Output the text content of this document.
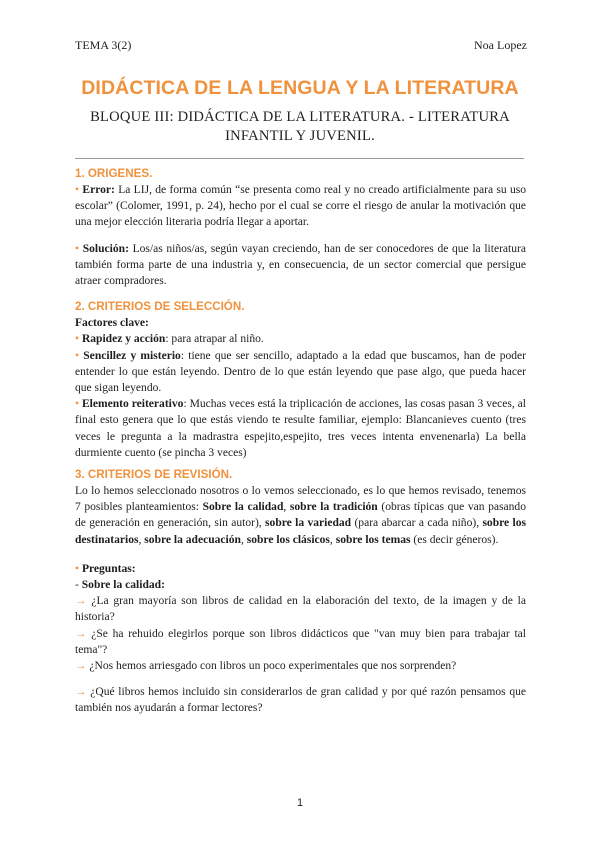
TEMA 3(2)	Noa Lopez
DIDÁCTICA DE LA LENGUA Y LA LITERATURA
BLOQUE III: DIDÁCTICA DE LA LITERATURA. - LITERATURA INFANTIL Y JUVENIL.
1. ORIGENES.

• Error: La LIJ, de forma común “se presenta como real y no creado artificialmente para su uso escolar” (Colomer, 1991, p. 24), hecho por el cual se corre el riesgo de anular la motivación que una mejor elección literaria podría llegar a aportar.

• Solución: Los/as niños/as, según vayan creciendo, han de ser conocedores de que la literatura también forma parte de una industria y, en consecuencia, de un sector comercial que persigue atraer compradores.

2. CRITERIOS DE SELECCIÓN.

Factores clave:

• Rapidez y acción: para atrapar al niño.

• Sencillez y misterio: tiene que ser sencillo, adaptado a la edad que buscamos, han de poder entender lo que están leyendo. Dentro de lo que están leyendo que pase algo, que pueda hacer que sigan leyendo.

• Elemento reiterativo: Muchas veces está la triplicación de acciones, las cosas pasan 3 veces, al final esto genera que lo que estás viendo te resulte familiar, ejemplo: Blancanieves cuento (tres veces le pregunta a la madrastra espejito,espejito, tres veces intenta envenenarla) La bella durmiente cuento (se pincha 3 veces)

3. CRITERIOS DE REVISIÓN.

Lo lo hemos seleccionado nosotros o lo vemos seleccionado, es lo que hemos revisado, tenemos 7 posibles planteamientos: Sobre la calidad, sobre la tradición (obras típicas que van pasando de generación en generación, sin autor), sobre la variedad (para abarcar a cada niño), sobre los destinatarios, sobre la adecuación, sobre los clásicos, sobre los temas (es decir géneros).

• Preguntas:

- Sobre la calidad:

→ ¿La gran mayoría son libros de calidad en la elaboración del texto, de la imagen y de la historia?

→ ¿Se ha rehuido elegirlos porque son libros didácticos que "van muy bien para trabajar tal tema"?

→ ¿Nos hemos arriesgado con libros un poco experimentales que nos sorprenden?

→ ¿Qué libros hemos incluido sin considerarlos de gran calidad y por qué razón pensamos que también nos ayudarán a formar lectores?

1
